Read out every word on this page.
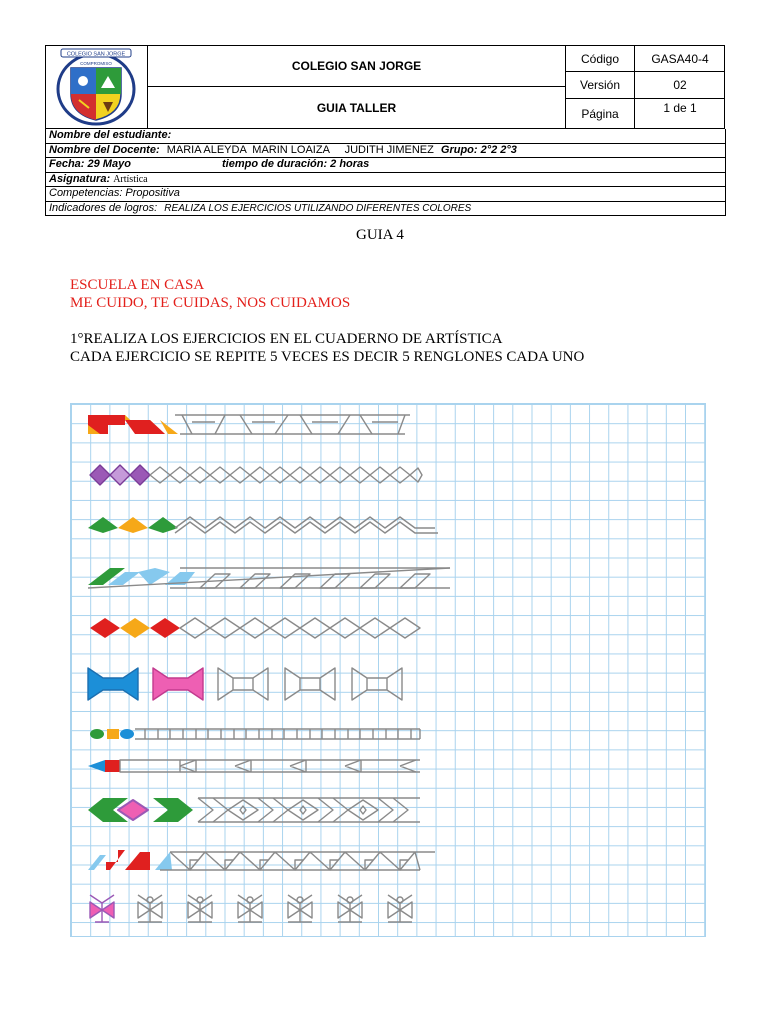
COLEGIO SAN JORGE
COMPROMISO	COLEGIO SAN JORGE
GUIA TALLER
Código	GASA40-4
Versión	02
Página	1 de 1
Nombre del estudiante:
Nombre del Docente: MARIA ALEYDA  MARIN LOAIZA     JUDITH JIMENEZ Grupo: 2°2 2°3
Fecha: 29 Mayo	tiempo de duración: 2 horas
Asignatura: Artística
Competencias: Propositiva
Indicadores de logros: REALIZA LOS EJERCICIOS UTILIZANDO DIFERENTES COLORES
GUIA 4
ESCUELA EN CASA
ME CUIDO, TE CUIDAS, NOS CUIDAMOS
1°REALIZA LOS EJERCICIOS EN EL CUADERNO DE ARTÍSTICA
CADA EJERCICIO SE REPITE 5 VECES ES DECIR 5 RENGLONES CADA UNO
